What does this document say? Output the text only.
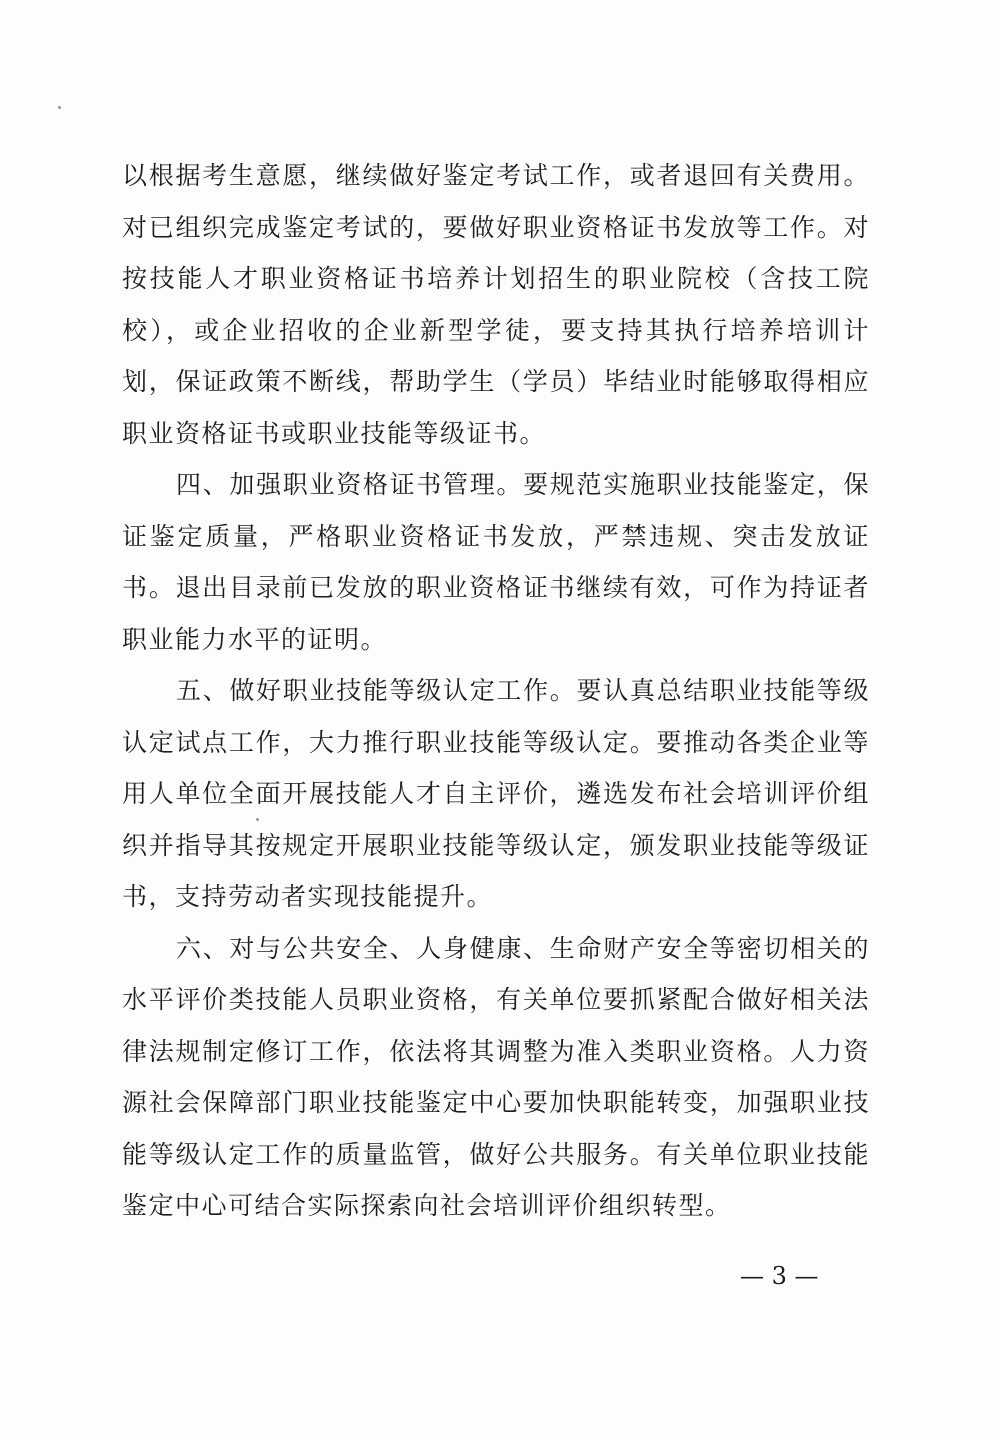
以根据考生意愿，继续做好鉴定考试工作，或者退回有关费用。对已组织完成鉴定考试的，要做好职业资格证书发放等工作。对按技能人才职业资格证书培养计划招生的职业院校（含技工院校），或企业招收的企业新型学徒，要支持其执行培养培训计划，保证政策不断线，帮助学生（学员）毕结业时能够取得相应职业资格证书或职业技能等级证书。

四、加强职业资格证书管理。要规范实施职业技能鉴定，保证鉴定质量，严格职业资格证书发放，严禁违规、突击发放证书。退出目录前已发放的职业资格证书继续有效，可作为持证者职业能力水平的证明。

五、做好职业技能等级认定工作。要认真总结职业技能等级认定试点工作，大力推行职业技能等级认定。要推动各类企业等用人单位全面开展技能人才自主评价，遴选发布社会培训评价组织并指导其按规定开展职业技能等级认定，颁发职业技能等级证书，支持劳动者实现技能提升。

六、对与公共安全、人身健康、生命财产安全等密切相关的水平评价类技能人员职业资格，有关单位要抓紧配合做好相关法律法规制定修订工作，依法将其调整为准入类职业资格。人力资源社会保障部门职业技能鉴定中心要加快职能转变，加强职业技能等级认定工作的质量监管，做好公共服务。有关单位职业技能鉴定中心可结合实际探索向社会培训评价组织转型。

— 3 —
